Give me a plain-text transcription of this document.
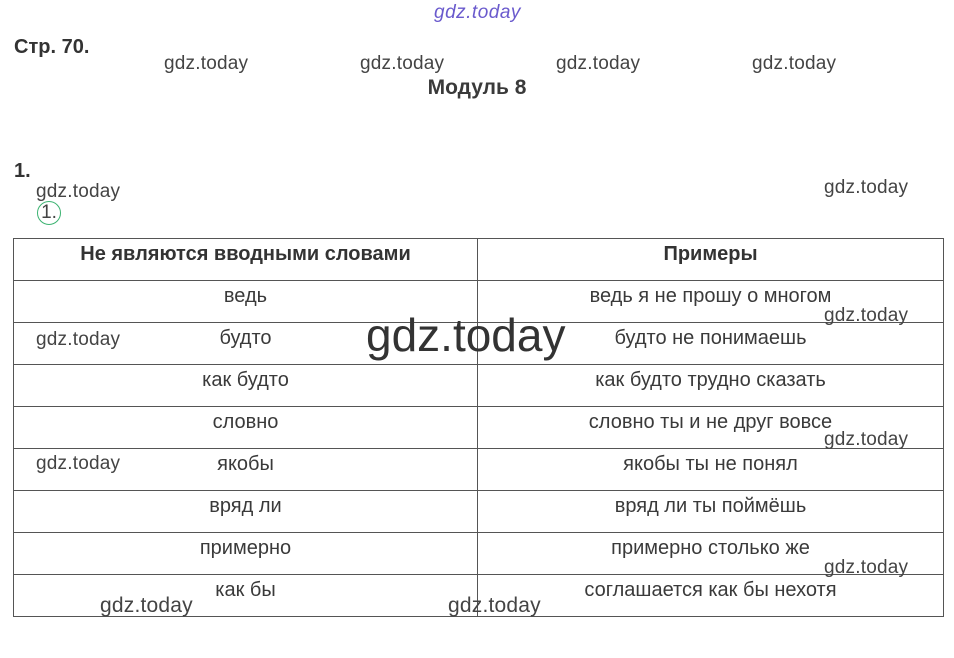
gdz.today
gdz.today	gdz.today	gdz.today	gdz.today
Стр. 70.
Модуль 8
1.
gdz.today	gdz.today
1.
Не являются вводными словами	Примеры
ведь	ведь я не прошу о многом
будто	будто не понимаешь
как будто	как будто трудно сказать
словно	словно ты и не друг вовсе
якобы	якобы ты не понял
вряд ли	вряд ли ты поймёшь
примерно	примерно столько же
как бы	соглашается как бы нехотя
gdz.today
gdz.today
gdz.today
gdz.today
gdz.today
gdz.today
gdz.today	gdz.today
